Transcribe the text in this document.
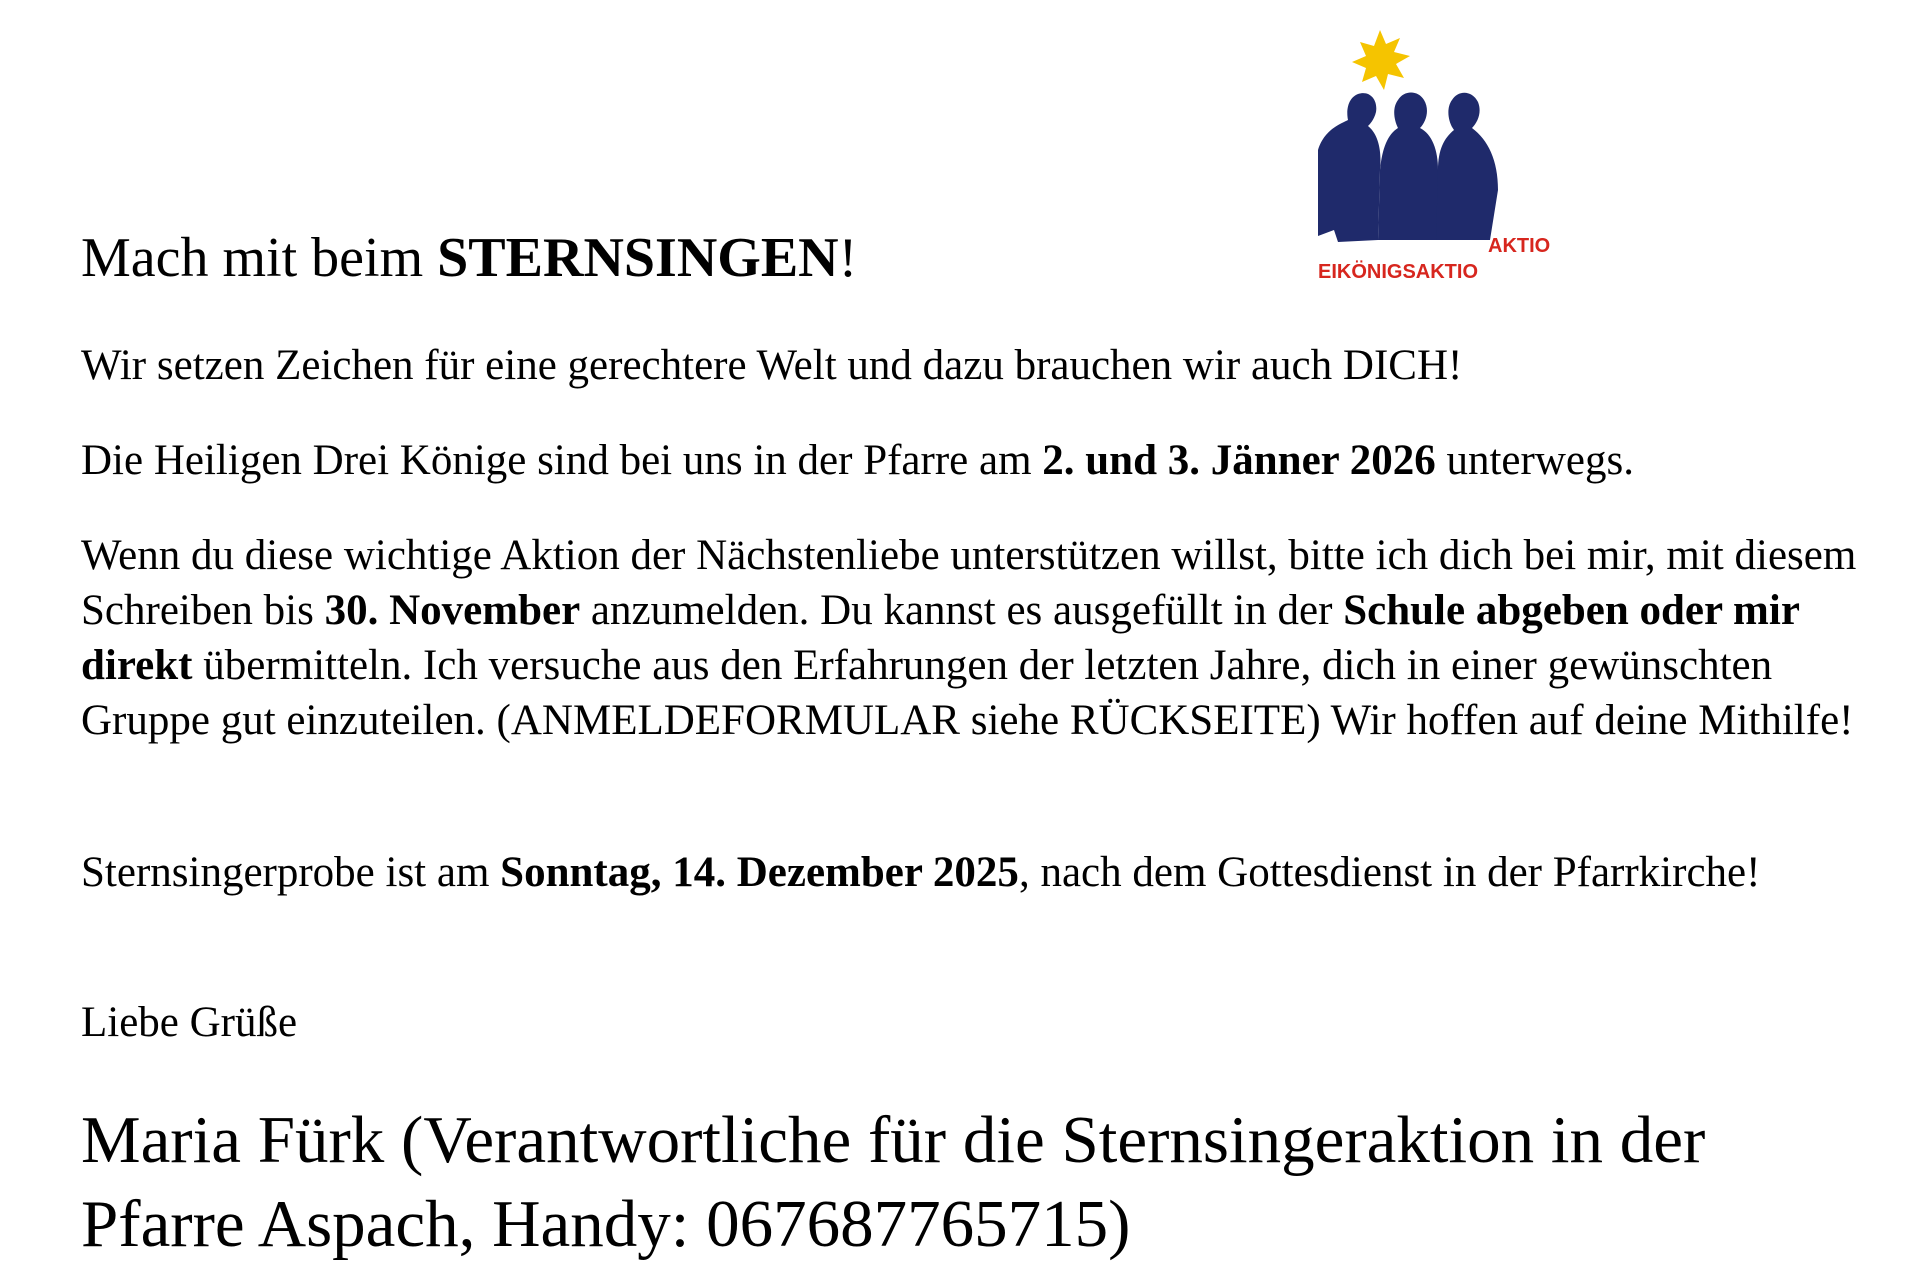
AKTIO
EIKÖNIGSAKTIO
Mach mit beim STERNSINGEN!

Wir setzen Zeichen für eine gerechtere Welt und dazu brauchen wir auch DICH!

Die Heiligen Drei Könige sind bei uns in der Pfarre am 2. und 3. Jänner 2026 unterwegs.

Wenn du diese wichtige Aktion der Nächstenliebe unterstützen willst, bitte ich dich bei mir, mit diesem Schreiben bis 30. November anzumelden. Du kannst es ausgefüllt in der Schule abgeben oder mir direkt übermitteln. Ich versuche aus den Erfahrungen der letzten Jahre, dich in einer gewünschten Gruppe gut einzuteilen. (ANMELDEFORMULAR siehe RÜCKSEITE) Wir hoffen auf deine Mithilfe!

Sternsingerprobe ist am Sonntag, 14. Dezember 2025, nach dem Gottesdienst in der Pfarrkirche!

Liebe Grüße

Maria Fürk (Verantwortliche für die Sternsingeraktion in der Pfarre Aspach, Handy: 067687765715)
